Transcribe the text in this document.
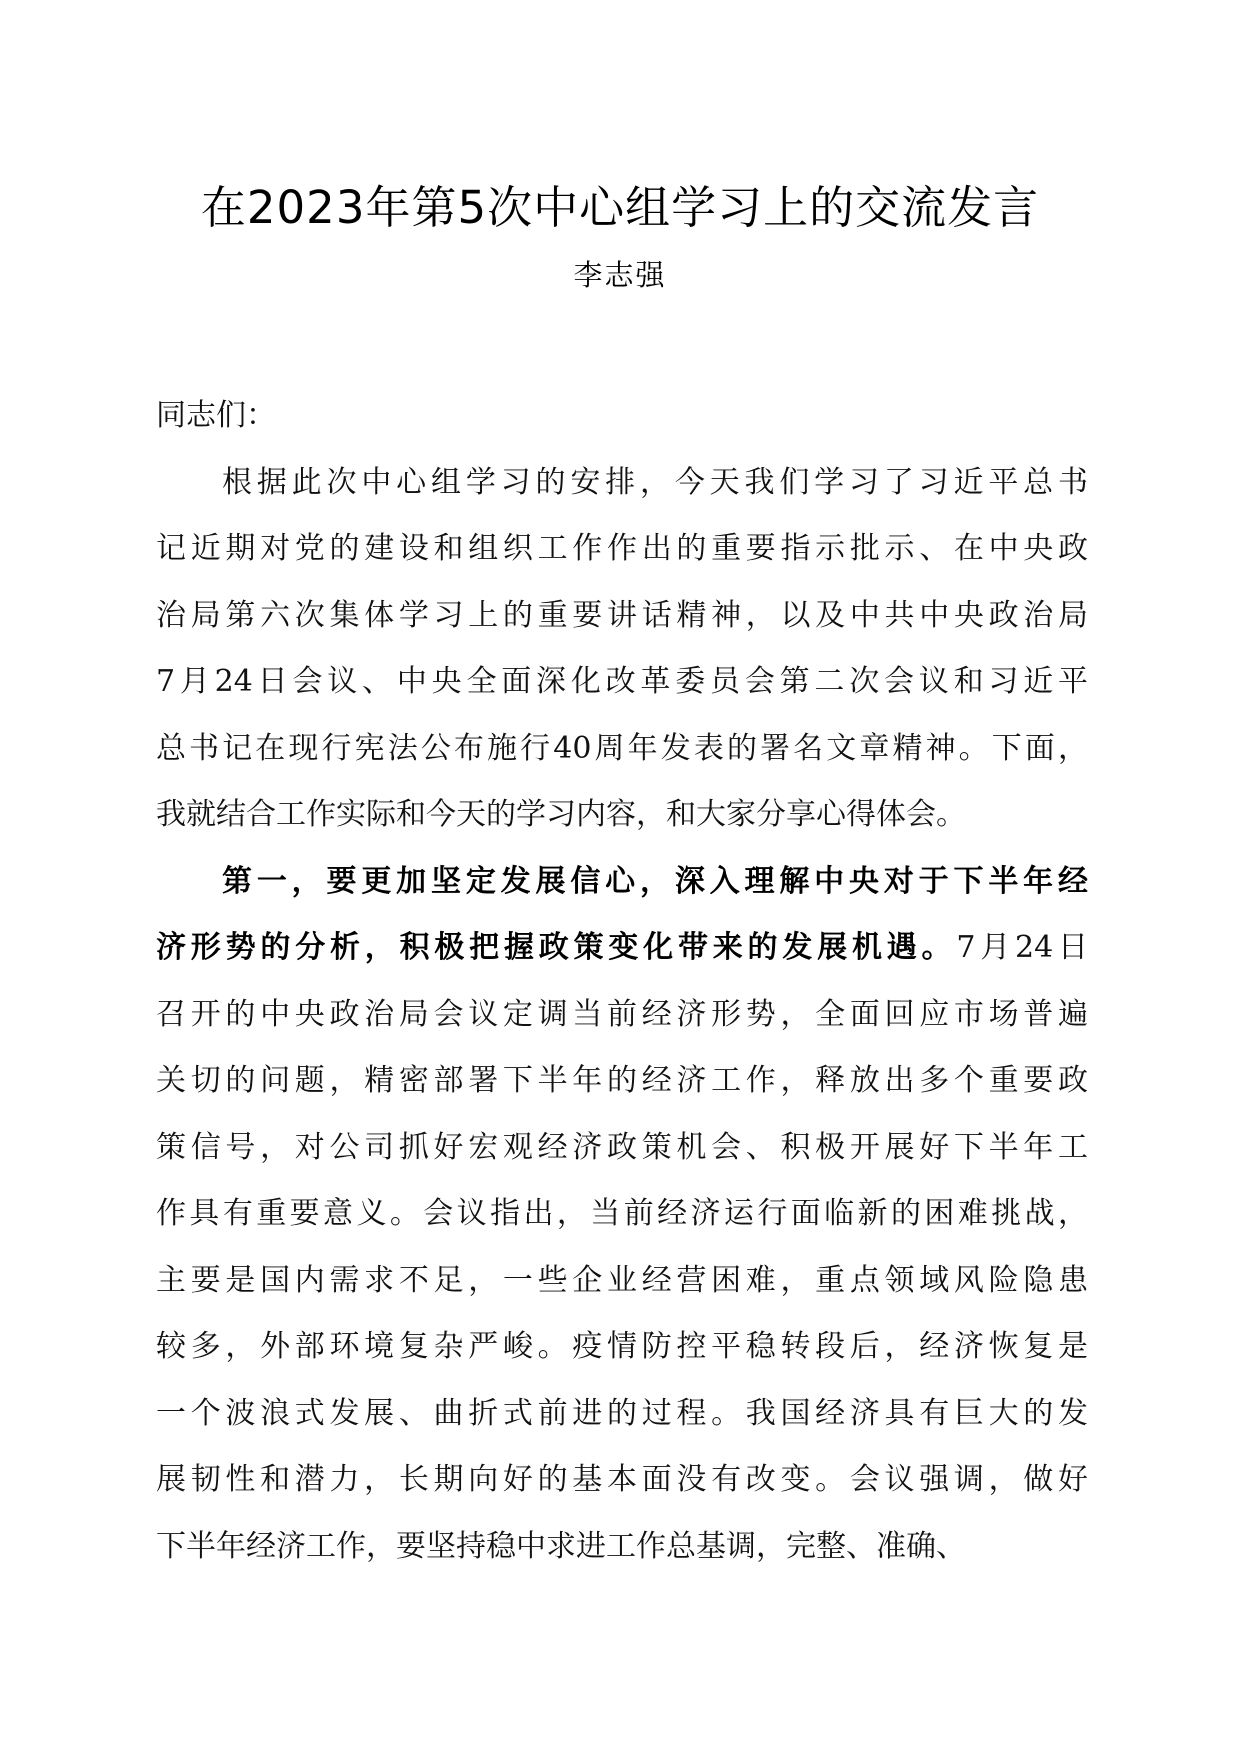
在2023年第5次中心组学习上的交流发言
李志强
同志们：
根据此次中心组学习的安排，今天我们学习了习近平总书
记近期对党的建设和组织工作作出的重要指示批示、在中央政
治局第六次集体学习上的重要讲话精神，以及中共中央政治局
7月24日会议、中央全面深化改革委员会第二次会议和习近平
总书记在现行宪法公布施行40周年发表的署名文章精神。下面，
我就结合工作实际和今天的学习内容，和大家分享心得体会。
第一，要更加坚定发展信心，深入理解中央对于下半年经
济形势的分析，积极把握政策变化带来的发展机遇。7月24日
召开的中央政治局会议定调当前经济形势，全面回应市场普遍
关切的问题，精密部署下半年的经济工作，释放出多个重要政
策信号，对公司抓好宏观经济政策机会、积极开展好下半年工
作具有重要意义。会议指出，当前经济运行面临新的困难挑战，
主要是国内需求不足，一些企业经营困难，重点领域风险隐患
较多，外部环境复杂严峻。疫情防控平稳转段后，经济恢复是
一个波浪式发展、曲折式前进的过程。我国经济具有巨大的发
展韧性和潜力，长期向好的基本面没有改变。会议强调，做好
下半年经济工作，要坚持稳中求进工作总基调，完整、准确、
